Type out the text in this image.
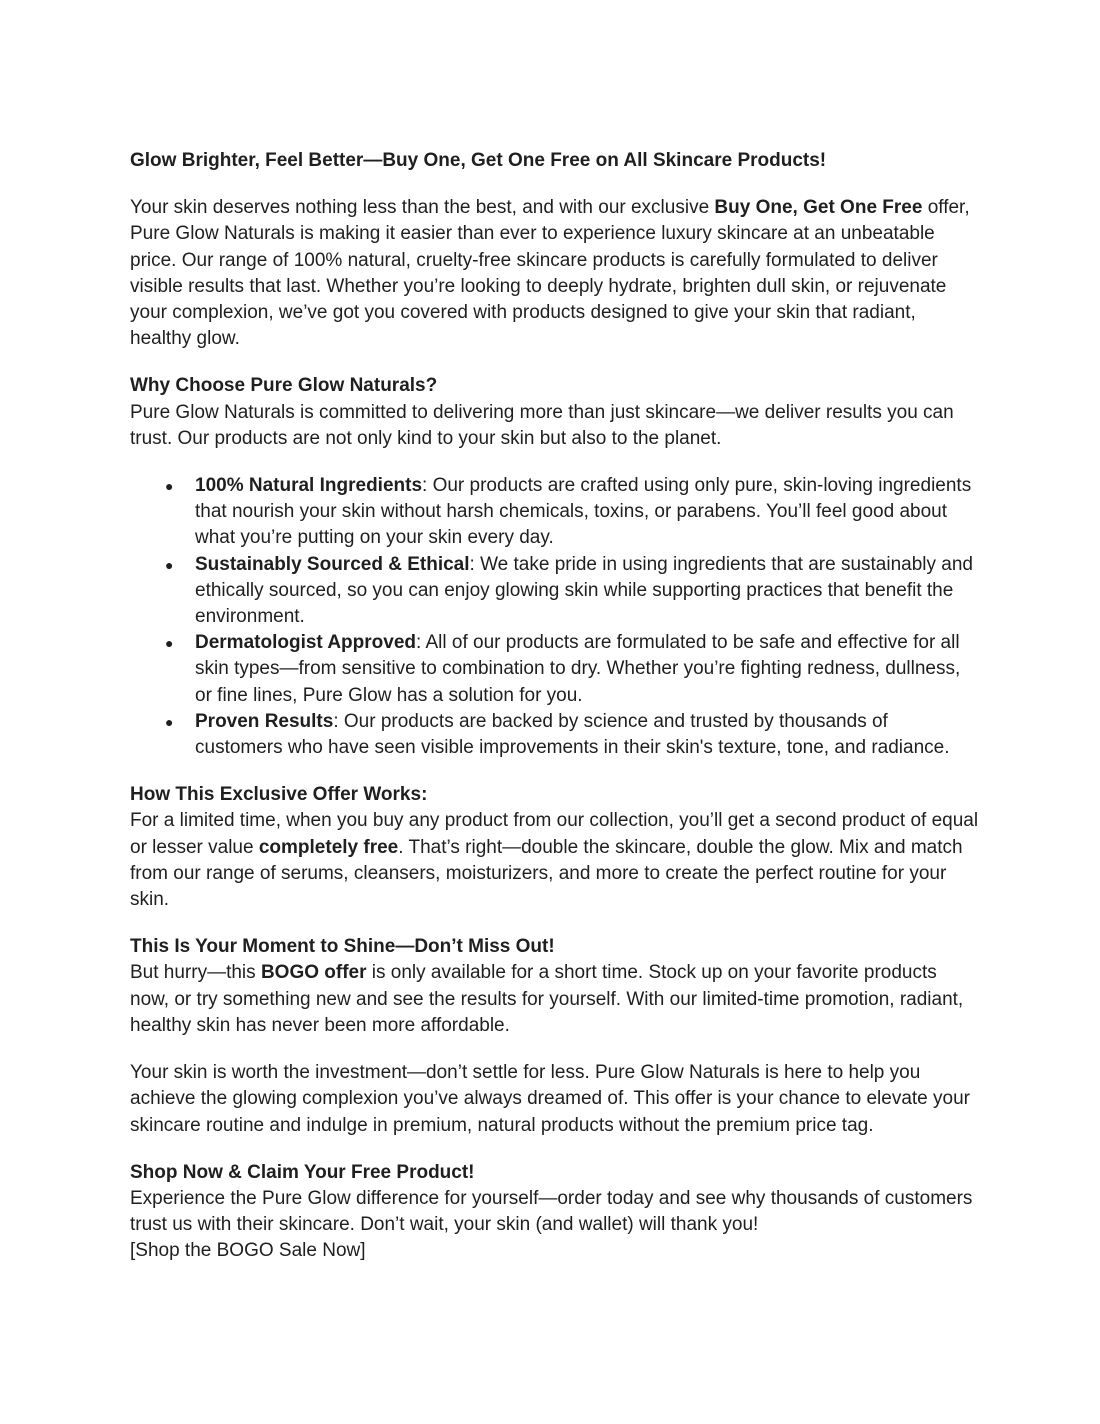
Glow Brighter, Feel Better—Buy One, Get One Free on All Skincare Products!

Your skin deserves nothing less than the best, and with our exclusive Buy One, Get One Free offer, Pure Glow Naturals is making it easier than ever to experience luxury skincare at an unbeatable price. Our range of 100% natural, cruelty-free skincare products is carefully formulated to deliver visible results that last. Whether you’re looking to deeply hydrate, brighten dull skin, or rejuvenate your complexion, we’ve got you covered with products designed to give your skin that radiant, healthy glow.

Why Choose Pure Glow Naturals?

Pure Glow Naturals is committed to delivering more than just skincare—we deliver results you can trust. Our products are not only kind to your skin but also to the planet.

● 100% Natural Ingredients: Our products are crafted using only pure, skin-loving ingredients that nourish your skin without harsh chemicals, toxins, or parabens. You’ll feel good about what you’re putting on your skin every day.
● Sustainably Sourced & Ethical: We take pride in using ingredients that are sustainably and ethically sourced, so you can enjoy glowing skin while supporting practices that benefit the environment.
● Dermatologist Approved: All of our products are formulated to be safe and effective for all skin types—from sensitive to combination to dry. Whether you’re fighting redness, dullness, or fine lines, Pure Glow has a solution for you.
● Proven Results: Our products are backed by science and trusted by thousands of customers who have seen visible improvements in their skin's texture, tone, and radiance.

How This Exclusive Offer Works:

For a limited time, when you buy any product from our collection, you’ll get a second product of equal or lesser value completely free. That’s right—double the skincare, double the glow. Mix and match from our range of serums, cleansers, moisturizers, and more to create the perfect routine for your skin.

This Is Your Moment to Shine—Don’t Miss Out!

But hurry—this BOGO offer is only available for a short time. Stock up on your favorite products now, or try something new and see the results for yourself. With our limited-time promotion, radiant, healthy skin has never been more affordable.

Your skin is worth the investment—don’t settle for less. Pure Glow Naturals is here to help you achieve the glowing complexion you’ve always dreamed of. This offer is your chance to elevate your skincare routine and indulge in premium, natural products without the premium price tag.

Shop Now & Claim Your Free Product!

Experience the Pure Glow difference for yourself—order today and see why thousands of customers trust us with their skincare. Don’t wait, your skin (and wallet) will thank you!

[Shop the BOGO Sale Now]
